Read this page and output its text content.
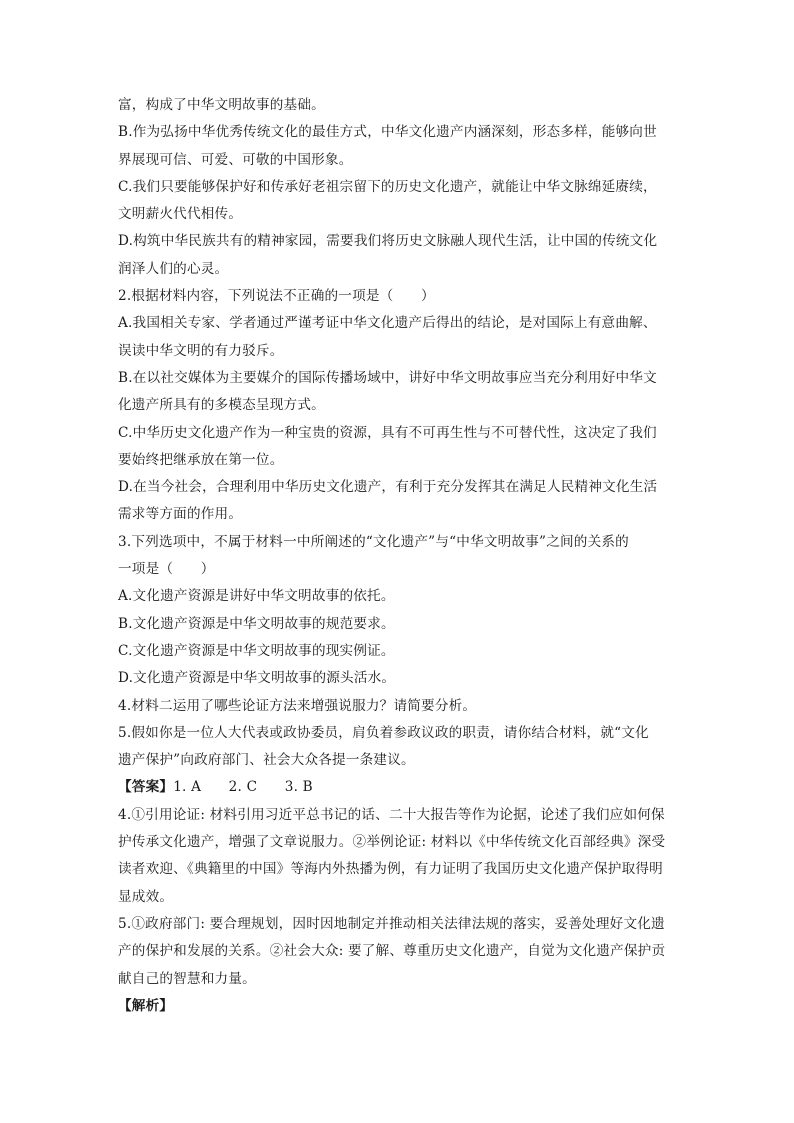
富，构成了中华文明故事的基础。
B.作为弘扬中华优秀传统文化的最佳方式，中华文化遗产内涵深刻，形态多样，能够向世
界展现可信、可爱、可敬的中国形象。
C.我们只要能够保护好和传承好老祖宗留下的历史文化遗产，就能让中华文脉绵延赓续，
文明薪火代代相传。
D.构筑中华民族共有的精神家园，需要我们将历史文脉融人现代生活，让中国的传统文化
润泽人们的心灵。
2.根据材料内容，下列说法不正确的一项是（　　）
A.我国相关专家、学者通过严谨考证中华文化遗产后得出的结论，是对国际上有意曲解、
误读中华文明的有力驳斥。
B.在以社交媒体为主要媒介的国际传播场域中，讲好中华文明故事应当充分利用好中华文
化遗产所具有的多模态呈现方式。
C.中华历史文化遗产作为一种宝贵的资源，具有不可再生性与不可替代性，这决定了我们
要始终把继承放在第一位。
D.在当今社会，合理利用中华历史文化遗产，有利于充分发挥其在满足人民精神文化生活
需求等方面的作用。
3.下列选项中，不属于材料一中所阐述的“文化遗产”与“中华文明故事”之间的关系的
一项是（　　）
A.文化遗产资源是讲好中华文明故事的依托。
B.文化遗产资源是中华文明故事的规范要求。
C.文化遗产资源是中华文明故事的现实例证。
D.文化遗产资源是中华文明故事的源头活水。
4.材料二运用了哪些论证方法来增强说服力？请简要分析。
5.假如你是一位人大代表或政协委员，肩负着参政议政的职责，请你结合材料，就“文化
遗产保护”向政府部门、社会大众各提一条建议。
【答案】1. A　　2. C　　3. B
4.①引用论证: 材料引用习近平总书记的话、二十大报告等作为论据，论述了我们应如何保
护传承文化遗产，增强了文章说服力。②举例论证: 材料以《中华传统文化百部经典》深受
读者欢迎、《典籍里的中国》等海内外热播为例，有力证明了我国历史文化遗产保护取得明
显成效。
5.①政府部门: 要合理规划，因时因地制定并推动相关法律法规的落实，妥善处理好文化遗
产的保护和发展的关系。②社会大众: 要了解、尊重历史文化遗产，自觉为文化遗产保护贡
献自己的智慧和力量。
【解析】
